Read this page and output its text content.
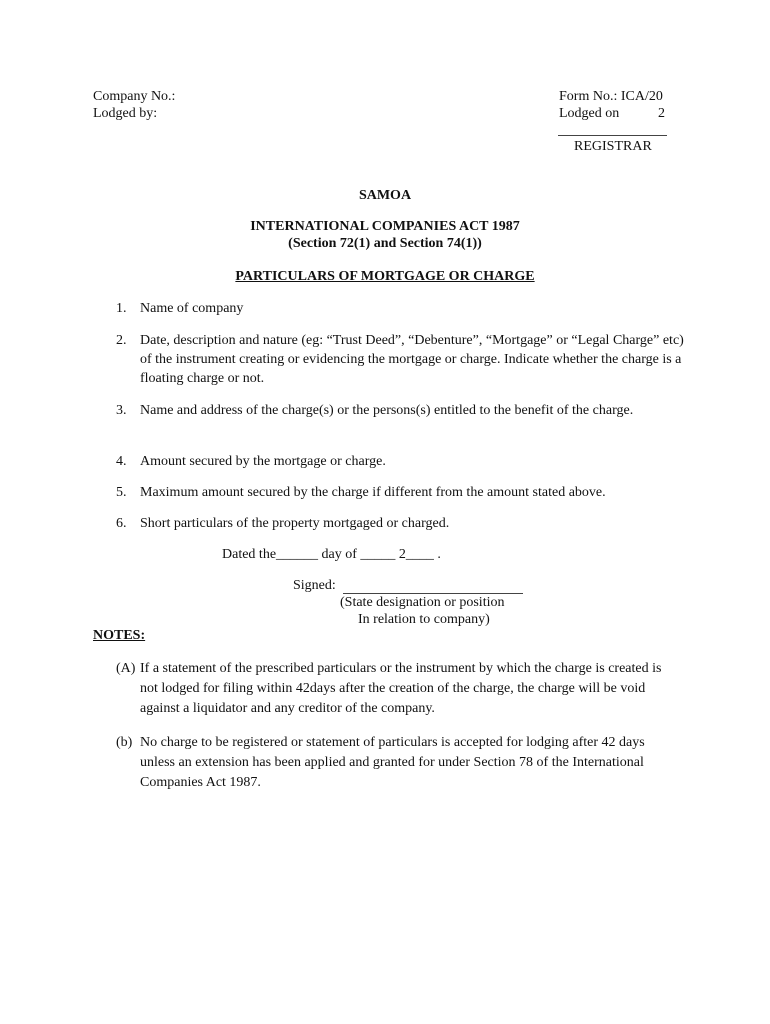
Company No.:
Lodged by:
Form No.: ICA/20
Lodged on	2
REGISTRAR
SAMOA
INTERNATIONAL COMPANIES ACT 1987
(Section 72(1) and Section 74(1))
PARTICULARS OF MORTGAGE OR CHARGE
1. Name of company
2. Date, description and nature (eg: “Trust Deed”, “Debenture”, “Mortgage” or “Legal Charge” etc) of the instrument creating or evidencing the mortgage or charge. Indicate whether the charge is a floating charge or not.
3. Name and address of the charge(s) or the persons(s) entitled to the benefit of the charge.
4. Amount secured by the mortgage or charge.
5. Maximum amount secured by the charge if different from the amount stated above.
6. Short particulars of the property mortgaged or charged.
Dated the______ day of _____ 2____ .
Signed:
(State designation or position
In relation to company)
NOTES:
(A) If a statement of the prescribed particulars or the instrument by which the charge is created is not lodged for filing within 42days after the creation of the charge, the charge will be void against a liquidator and any creditor of the company.
(b) No charge to be registered or statement of particulars is accepted for lodging after 42 days unless an extension has been applied and granted for under Section 78 of the International Companies Act 1987.
